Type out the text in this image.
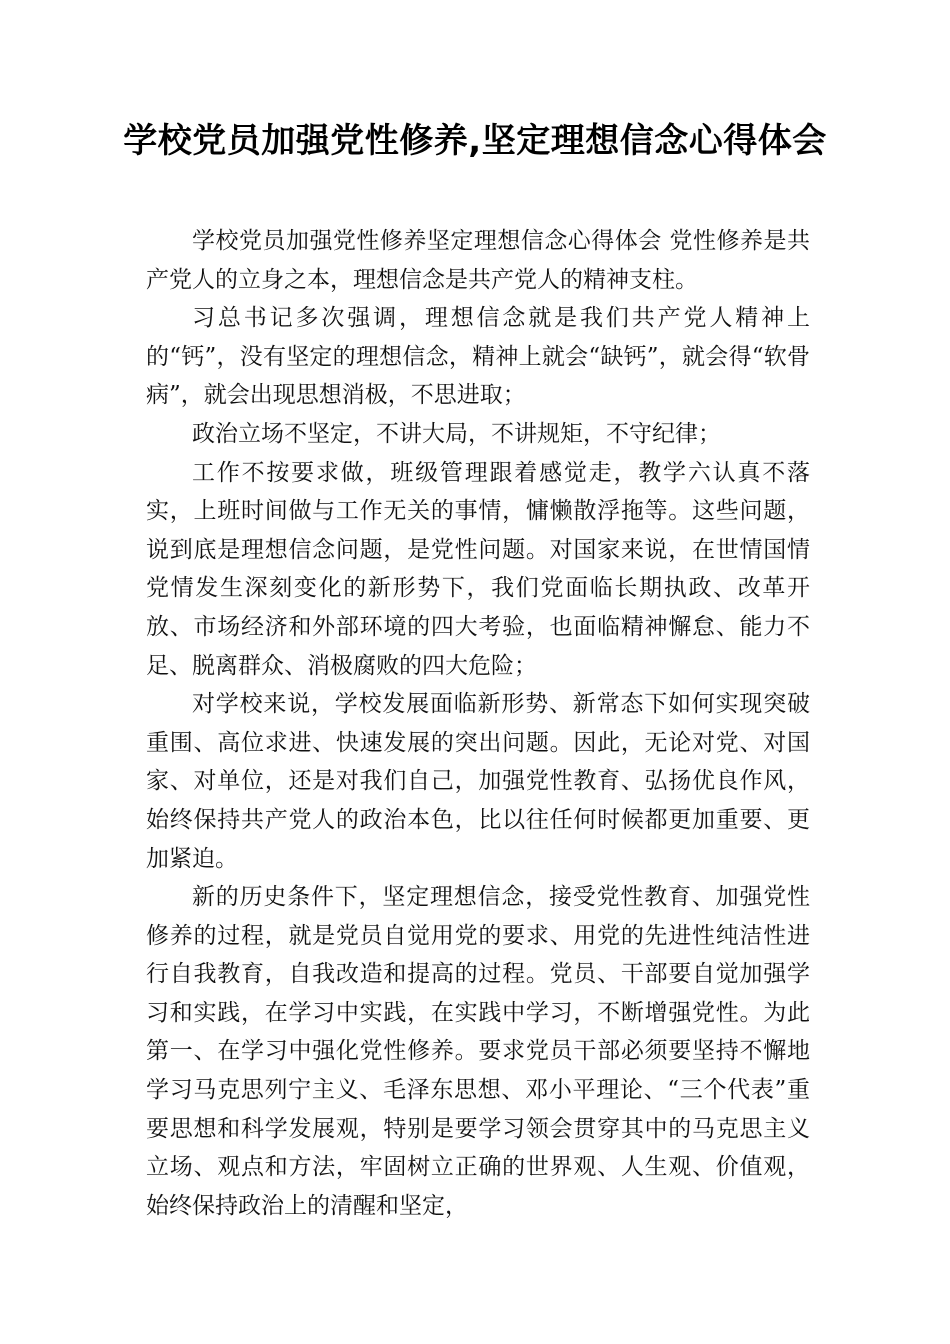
学校党员加强党性修养,坚定理想信念心得体会

学校党员加强党性修养坚定理想信念心得体会 党性修养是共产党人的立身之本，理想信念是共产党人的精神支柱。

习总书记多次强调，理想信念就是我们共产党人精神上的“钙”，没有坚定的理想信念，精神上就会“缺钙”，就会得“软骨病”，就会出现思想消极，不思进取；

政治立场不坚定，不讲大局，不讲规矩，不守纪律；

工作不按要求做，班级管理跟着感觉走，教学六认真不落实，上班时间做与工作无关的事情，慵懒散浮拖等。这些问题，说到底是理想信念问题，是党性问题。对国家来说，在世情国情党情发生深刻变化的新形势下，我们党面临长期执政、改革开放、市场经济和外部环境的四大考验，也面临精神懈怠、能力不足、脱离群众、消极腐败的四大危险；

对学校来说，学校发展面临新形势、新常态下如何实现突破重围、高位求进、快速发展的突出问题。因此，无论对党、对国家、对单位，还是对我们自己，加强党性教育、弘扬优良作风，始终保持共产党人的政治本色，比以往任何时候都更加重要、更加紧迫。

新的历史条件下，坚定理想信念，接受党性教育、加强党性修养的过程，就是党员自觉用党的要求、用党的先进性纯洁性进行自我教育，自我改造和提高的过程。党员、干部要自觉加强学习和实践，在学习中实践，在实践中学习，不断增强党性。为此 第一、在学习中强化党性修养。要求党员干部必须要坚持不懈地学习马克思列宁主义、毛泽东思想、邓小平理论、“三个代表”重要思想和科学发展观，特别是要学习领会贯穿其中的马克思主义立场、观点和方法，牢固树立正确的世界观、人生观、价值观，始终保持政治上的清醒和坚定，
